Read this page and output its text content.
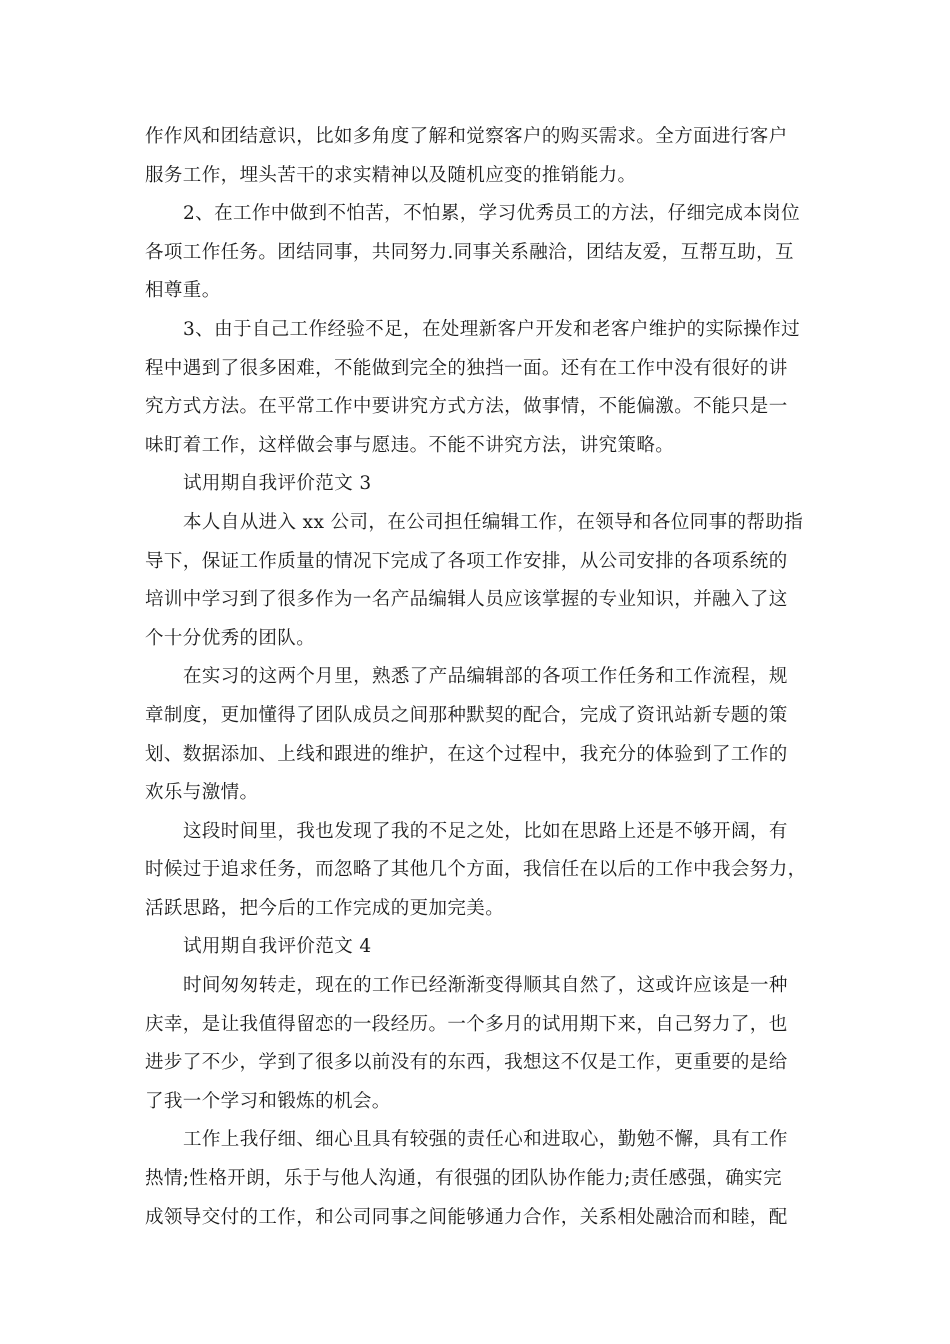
作作风和团结意识，比如多角度了解和觉察客户的购买需求。全方面进行客户
服务工作，埋头苦干的求实精神以及随机应变的推销能力。
2、在工作中做到不怕苦，不怕累，学习优秀员工的方法，仔细完成本岗位
各项工作任务。团结同事，共同努力.同事关系融洽，团结友爱，互帮互助，互
相尊重。
3、由于自己工作经验不足，在处理新客户开发和老客户维护的实际操作过
程中遇到了很多困难，不能做到完全的独挡一面。还有在工作中没有很好的讲
究方式方法。在平常工作中要讲究方式方法，做事情，不能偏激。不能只是一
味盯着工作，这样做会事与愿违。不能不讲究方法，讲究策略。
试用期自我评价范文 3
本人自从进入 xx 公司，在公司担任编辑工作，在领导和各位同事的帮助指
导下，保证工作质量的情况下完成了各项工作安排，从公司安排的各项系统的
培训中学习到了很多作为一名产品编辑人员应该掌握的专业知识，并融入了这
个十分优秀的团队。
在实习的这两个月里，熟悉了产品编辑部的各项工作任务和工作流程，规
章制度，更加懂得了团队成员之间那种默契的配合，完成了资讯站新专题的策
划、数据添加、上线和跟进的维护，在这个过程中，我充分的体验到了工作的
欢乐与激情。
这段时间里，我也发现了我的不足之处，比如在思路上还是不够开阔，有
时候过于追求任务，而忽略了其他几个方面，我信任在以后的工作中我会努力，
活跃思路，把今后的工作完成的更加完美。
试用期自我评价范文 4
时间匆匆转走，现在的工作已经渐渐变得顺其自然了，这或许应该是一种
庆幸，是让我值得留恋的一段经历。一个多月的试用期下来，自己努力了，也
进步了不少，学到了很多以前没有的东西，我想这不仅是工作，更重要的是给
了我一个学习和锻炼的机会。
工作上我仔细、细心且具有较强的责任心和进取心，勤勉不懈，具有工作
热情;性格开朗，乐于与他人沟通，有很强的团队协作能力;责任感强，确实完
成领导交付的工作，和公司同事之间能够通力合作，关系相处融洽而和睦，配
